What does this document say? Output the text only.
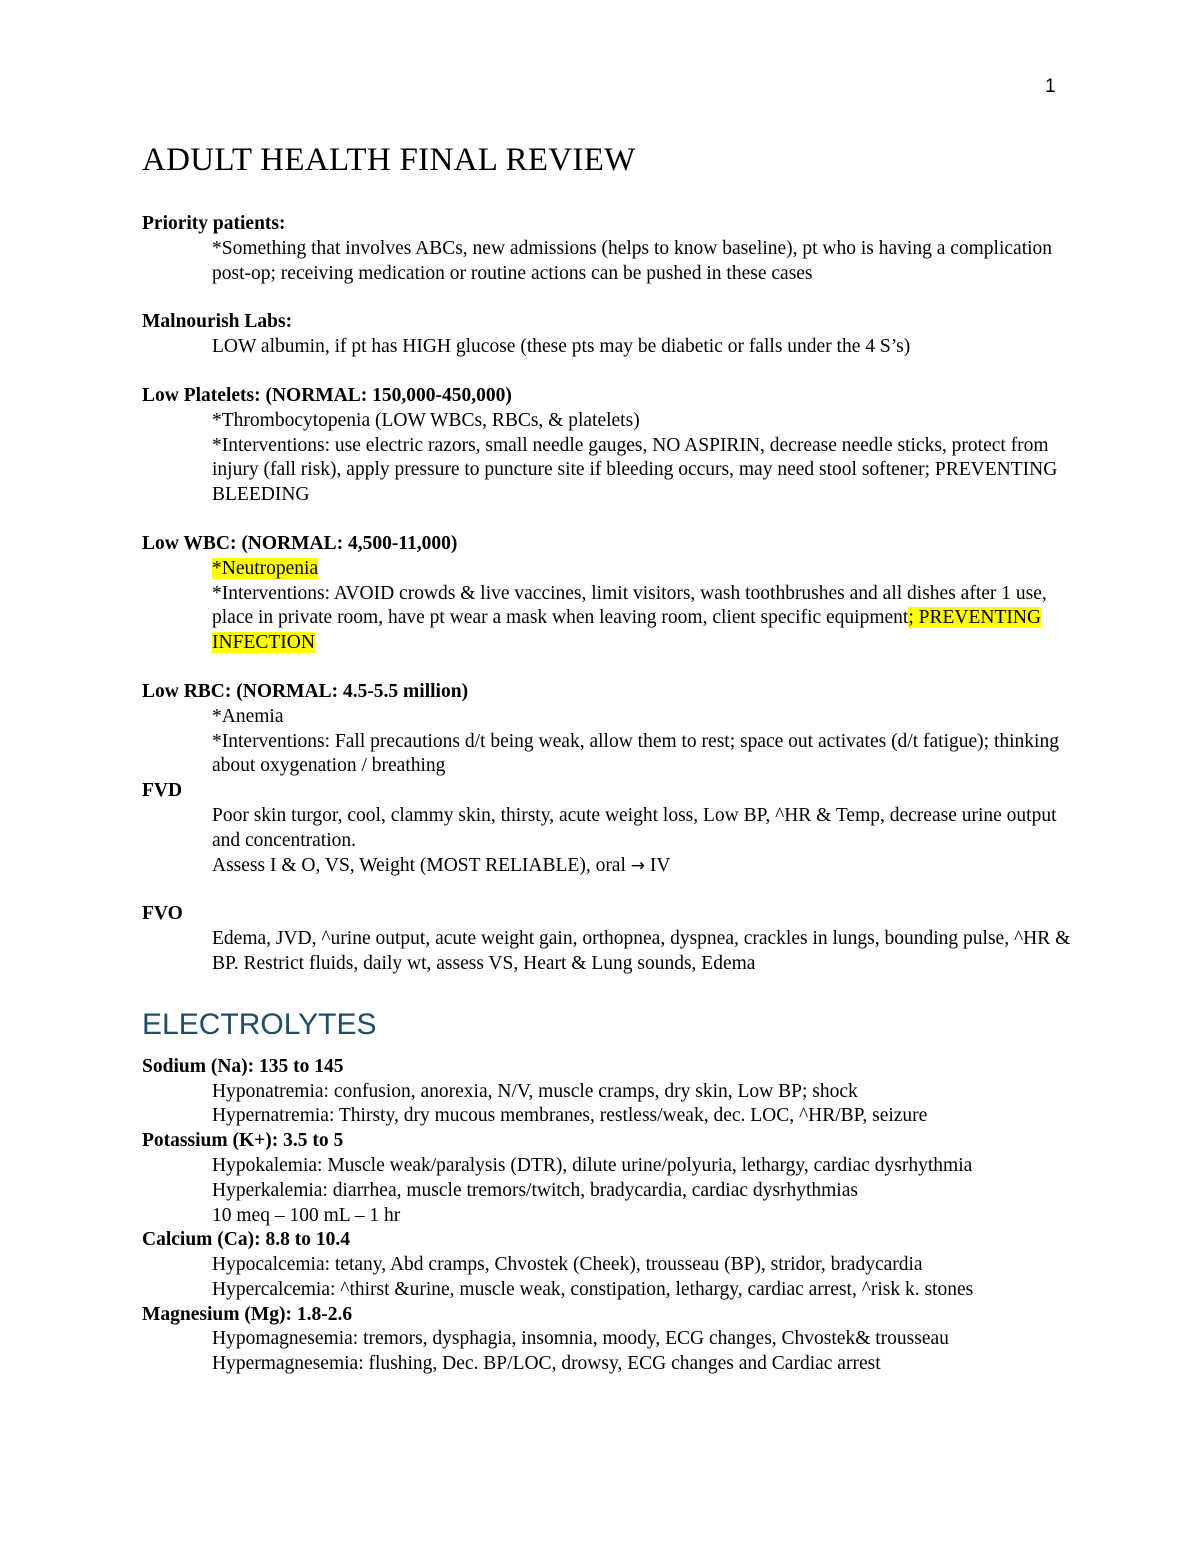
1
ADULT HEALTH FINAL REVIEW
Priority patients:
*Something that involves ABCs, new admissions (helps to know baseline), pt who is having a complication post-op; receiving medication or routine actions can be pushed in these cases
Malnourish Labs:
LOW albumin, if pt has HIGH glucose (these pts may be diabetic or falls under the 4 S’s)
Low Platelets: (NORMAL: 150,000-450,000)
*Thrombocytopenia (LOW WBCs, RBCs, & platelets)
*Interventions: use electric razors, small needle gauges, NO ASPIRIN, decrease needle sticks, protect from injury (fall risk), apply pressure to puncture site if bleeding occurs, may need stool softener; PREVENTING BLEEDING
Low WBC: (NORMAL: 4,500-11,000)
*Neutropenia
*Interventions: AVOID crowds & live vaccines, limit visitors, wash toothbrushes and all dishes after 1 use, place in private room, have pt wear a mask when leaving room, client specific equipment; PREVENTING INFECTION
Low RBC: (NORMAL: 4.5-5.5 million)
*Anemia
*Interventions: Fall precautions d/t being weak, allow them to rest; space out activates (d/t fatigue); thinking about oxygenation / breathing
FVD
Poor skin turgor, cool, clammy skin, thirsty, acute weight loss, Low BP, ^HR & Temp, decrease urine output and concentration.
Assess I & O, VS, Weight (MOST RELIABLE), oral → IV
FVO
Edema, JVD, ^urine output, acute weight gain, orthopnea, dyspnea, crackles in lungs, bounding pulse, ^HR & BP. Restrict fluids, daily wt, assess VS, Heart & Lung sounds, Edema
ELECTROLYTES
Sodium (Na): 135 to 145
Hyponatremia: confusion, anorexia, N/V, muscle cramps, dry skin, Low BP; shock
Hypernatremia: Thirsty, dry mucous membranes, restless/weak, dec. LOC, ^HR/BP, seizure
Potassium (K+): 3.5 to 5
Hypokalemia: Muscle weak/paralysis (DTR), dilute urine/polyuria, lethargy, cardiac dysrhythmia
Hyperkalemia: diarrhea, muscle tremors/twitch, bradycardia, cardiac dysrhythmias
10 meq – 100 mL – 1 hr
Calcium (Ca): 8.8 to 10.4
Hypocalcemia: tetany, Abd cramps, Chvostek (Cheek), trousseau (BP), stridor, bradycardia
Hypercalcemia: ^thirst &urine, muscle weak, constipation, lethargy, cardiac arrest, ^risk k. stones
Magnesium (Mg): 1.8-2.6
Hypomagnesemia: tremors, dysphagia, insomnia, moody, ECG changes, Chvostek& trousseau
Hypermagnesemia: flushing, Dec. BP/LOC, drowsy, ECG changes and Cardiac arrest
